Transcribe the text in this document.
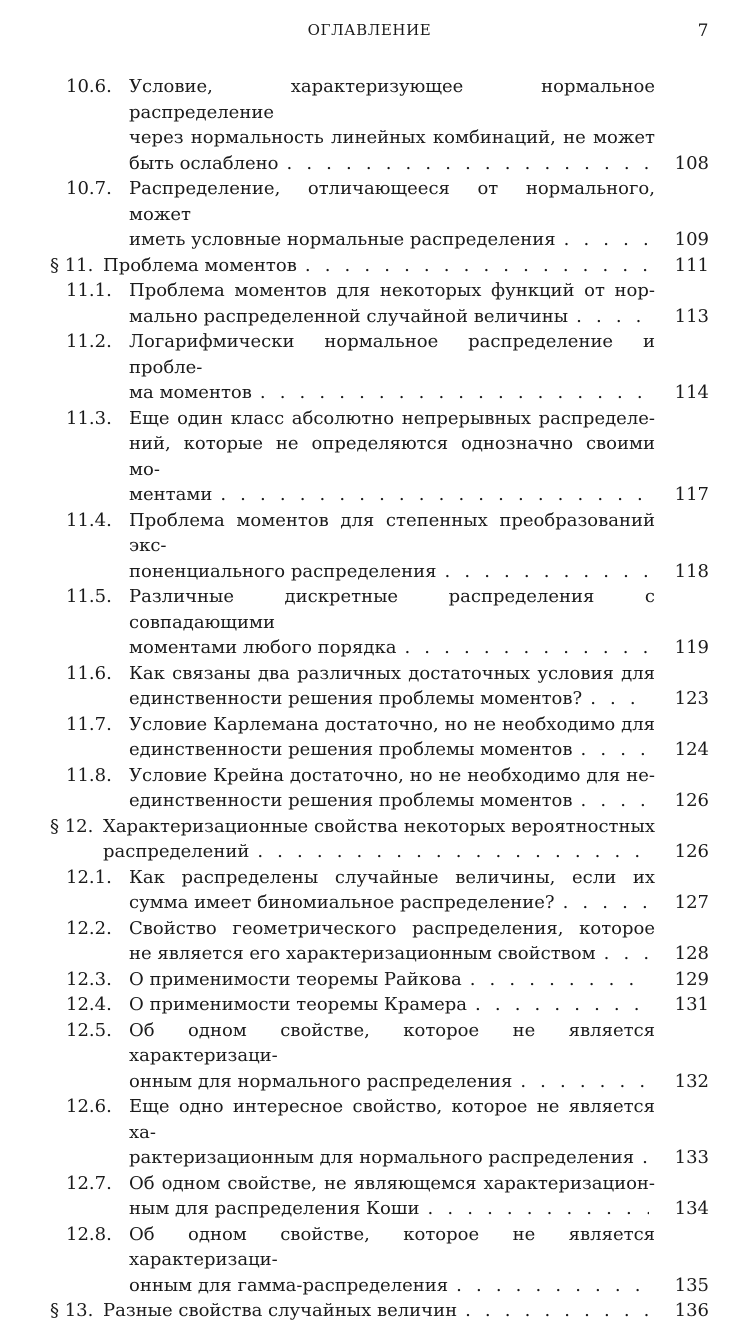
ОГЛАВЛЕНИЕ	7
10.6. Условие, характеризующее нормальное распределение
через нормальность линейных комбинаций, не может
быть ослаблено . . .	108
10.7. Распределение, отличающееся от нормального, может
иметь условные нормальные распределения . . .	109
§ 11. Проблема моментов . . .	111
11.1. Проблема моментов для некоторых функций от нор-
мально распределенной случайной величины . . .	113
11.2. Логарифмически нормальное распределение и пробле-
ма моментов . . .	114
11.3. Еще один класс абсолютно непрерывных распределе-
ний, которые не определяются однозначно своими мо-
ментами . . .	117
11.4. Проблема моментов для степенных преобразований экс-
поненциального распределения . . .	118
11.5. Различные дискретные распределения с совпадающими
моментами любого порядка . . .	119
11.6. Как связаны два различных достаточных условия для
единственности решения проблемы моментов? . . .	123
11.7. Условие Карлемана достаточно, но не необходимо для
единственности решения проблемы моментов . . .	124
11.8. Условие Крейна достаточно, но не необходимо для не-
единственности решения проблемы моментов . . .	126
§ 12. Характеризационные свойства некоторых вероятностных
распределений . . .	126
12.1. Как распределены случайные величины, если их
сумма имеет биномиальное распределение? . . .	127
12.2. Свойство геометрического распределения, которое
не является его характеризационным свойством . . .	128
12.3. О применимости теоремы Райкова . . .	129
12.4. О применимости теоремы Крамера . . .	131
12.5. Об одном свойстве, которое не является характеризаци-
онным для нормального распределения . . .	132
12.6. Еще одно интересное свойство, которое не является ха-
рактеризационным для нормального распределения . . . 133
12.7. Об одном свойстве, не являющемся характеризацион-
ным для распределения Коши . . .	134
12.8. Об одном свойстве, которое не является характеризаци-
онным для гамма-распределения . . .	135
§ 13. Разные свойства случайных величин . . .	136
